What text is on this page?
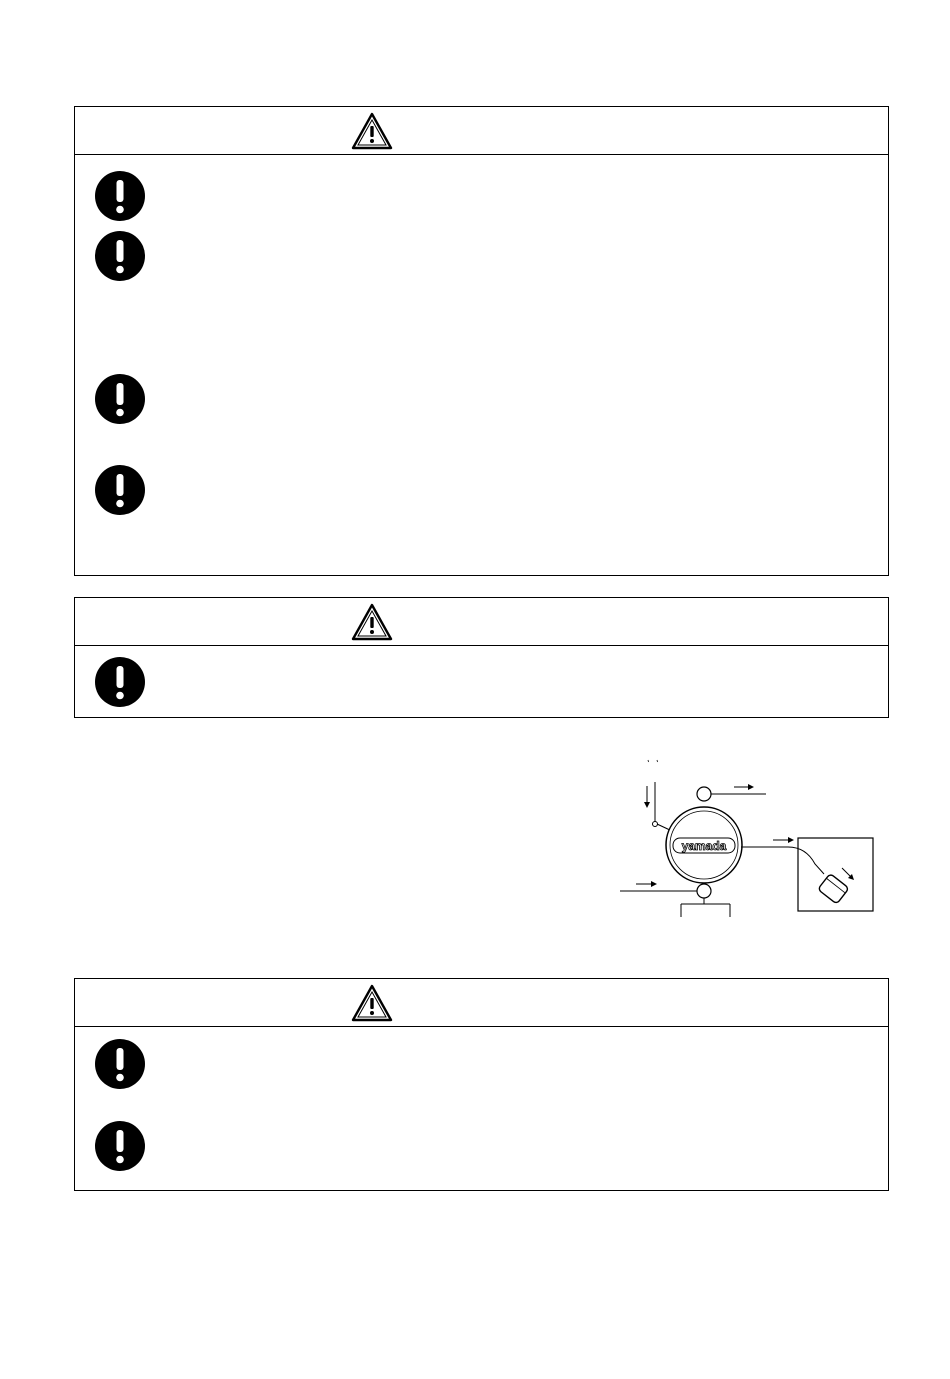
yamada
